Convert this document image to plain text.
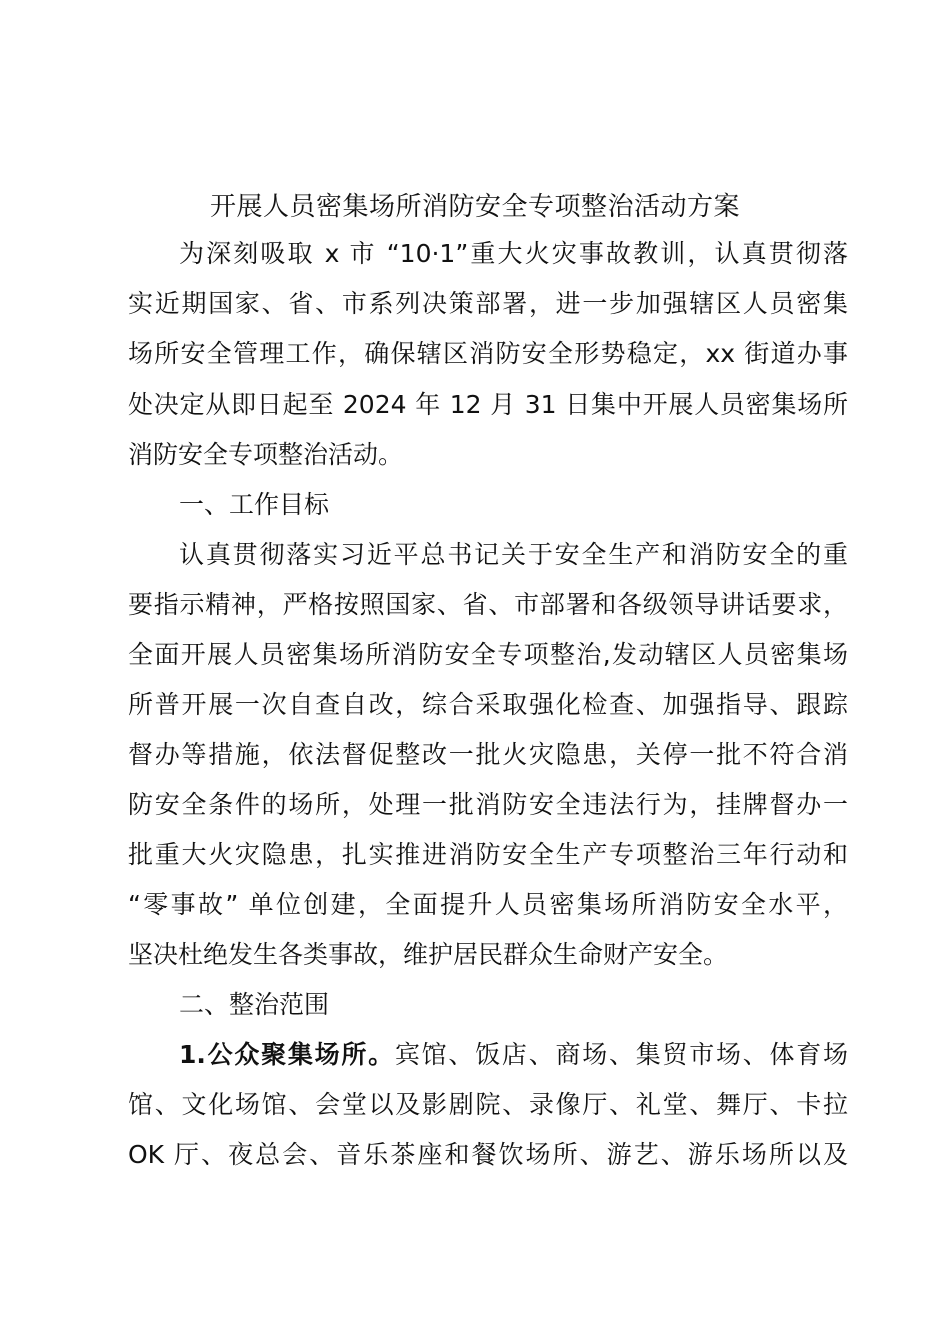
开展人员密集场所消防安全专项整治活动方案

为深刻吸取 x 市 “10·1”重大火灾事故教训，认真贯彻落

实近期国家、省、市系列决策部署，进一步加强辖区人员密集

场所安全管理工作，确保辖区消防安全形势稳定，xx 街道办事

处决定从即日起至 2024 年 12 月 31 日集中开展人员密集场所

消防安全专项整治活动。

一、工作目标

认真贯彻落实习近平总书记关于安全生产和消防安全的重

要指示精神，严格按照国家、省、市部署和各级领导讲话要求，

全面开展人员密集场所消防安全专项整治,发动辖区人员密集场

所普开展一次自查自改，综合采取强化检查、加强指导、跟踪

督办等措施，依法督促整改一批火灾隐患，关停一批不符合消

防安全条件的场所，处理一批消防安全违法行为，挂牌督办一

批重大火灾隐患，扎实推进消防安全生产专项整治三年行动和

“零事故” 单位创建，全面提升人员密集场所消防安全水平，

坚决杜绝发生各类事故，维护居民群众生命财产安全。

二、整治范围

1.公众聚集场所。宾馆、饭店、商场、集贸市场、体育场

馆、文化场馆、会堂以及影剧院、录像厅、礼堂、舞厅、卡拉

OK 厅、夜总会、音乐茶座和餐饮场所、游艺、游乐场所以及
